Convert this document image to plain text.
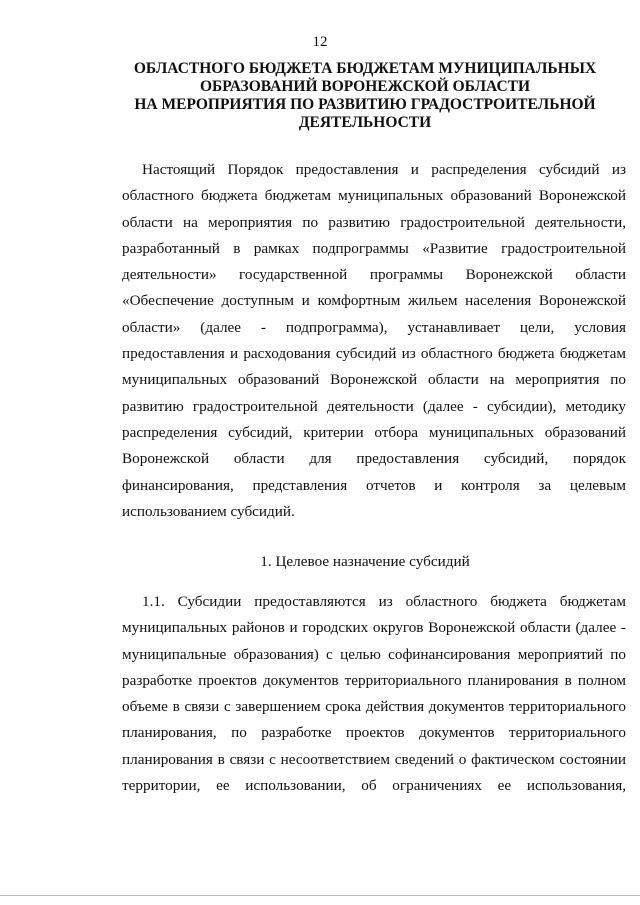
12
ОБЛАСТНОГО БЮДЖЕТА БЮДЖЕТАМ МУНИЦИПАЛЬНЫХ
ОБРАЗОВАНИЙ ВОРОНЕЖСКОЙ ОБЛАСТИ
НА МЕРОПРИЯТИЯ ПО РАЗВИТИЮ ГРАДОСТРОИТЕЛЬНОЙ
ДЕЯТЕЛЬНОСТИ
Настоящий Порядок предоставления и распределения субсидий из
областного бюджета бюджетам муниципальных образований Воронежской
области на мероприятия по развитию градостроительной деятельности,
разработанный в рамках подпрограммы «Развитие градостроительной
деятельности» государственной программы Воронежской области
«Обеспечение доступным и комфортным жильем населения Воронежской
области» (далее - подпрограмма), устанавливает цели, условия
предоставления и расходования субсидий из областного бюджета бюджетам
муниципальных образований Воронежской области на мероприятия по
развитию градостроительной деятельности (далее - субсидии), методику
распределения субсидий, критерии отбора муниципальных образований
Воронежской области для предоставления субсидий, порядок
финансирования, представления отчетов и контроля за целевым
использованием субсидий.
1. Целевое назначение субсидий
1.1. Субсидии предоставляются из областного бюджета бюджетам
муниципальных районов и городских округов Воронежской области (далее -
муниципальные образования) с целью софинансирования мероприятий по
разработке проектов документов территориального планирования в полном
объеме в связи с завершением срока действия документов территориального
планирования, по разработке проектов документов территориального
планирования в связи с несоответствием сведений о фактическом состоянии
территории, ее использовании, об ограничениях ее использования,
